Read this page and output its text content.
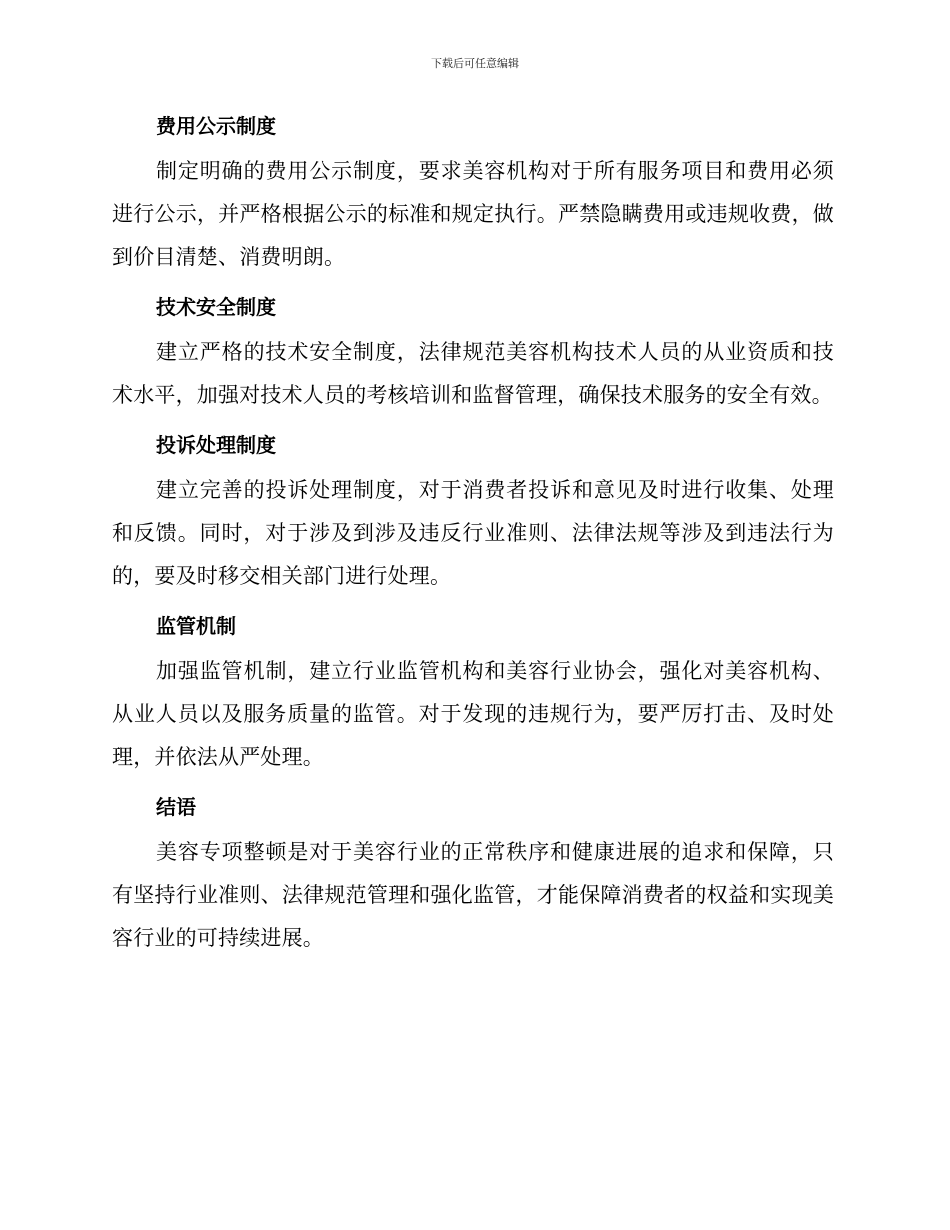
下载后可任意编辑
费用公示制度

制定明确的费用公示制度，要求美容机构对于所有服务项目和费用必须进行公示，并严格根据公示的标准和规定执行。严禁隐瞒费用或违规收费，做到价目清楚、消费明朗。

技术安全制度

建立严格的技术安全制度，法律规范美容机构技术人员的从业资质和技术水平，加强对技术人员的考核培训和监督管理，确保技术服务的安全有效。

投诉处理制度

建立完善的投诉处理制度，对于消费者投诉和意见及时进行收集、处理和反馈。同时，对于涉及到涉及违反行业准则、法律法规等涉及到违法行为的，要及时移交相关部门进行处理。

监管机制

加强监管机制，建立行业监管机构和美容行业协会，强化对美容机构、从业人员以及服务质量的监管。对于发现的违规行为，要严厉打击、及时处理，并依法从严处理。

结语

美容专项整顿是对于美容行业的正常秩序和健康进展的追求和保障，只有坚持行业准则、法律规范管理和强化监管，才能保障消费者的权益和实现美容行业的可持续进展。
